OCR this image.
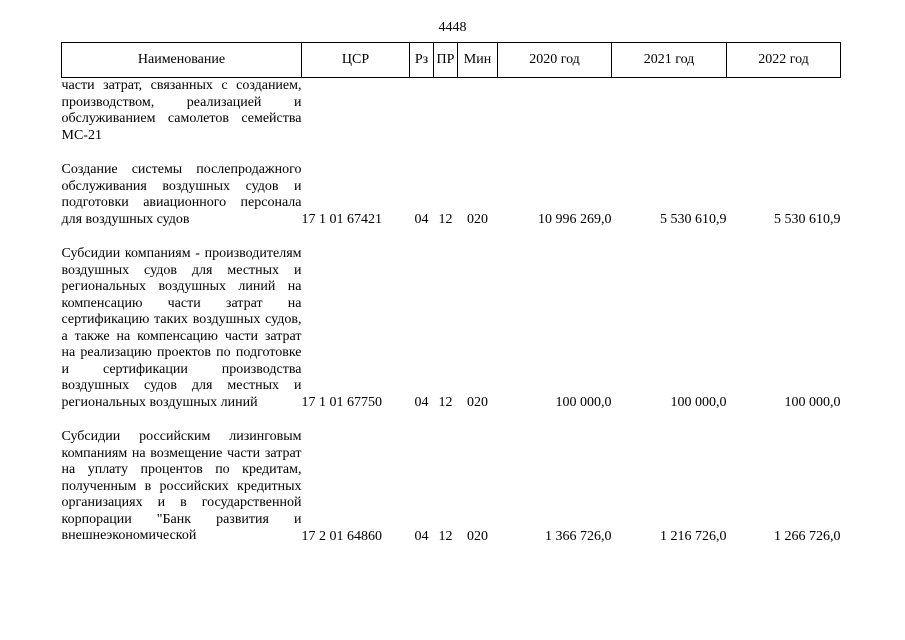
4448
Наименование	ЦСР	Рз	ПР	Мин	2020 год	2021 год	2022 год
части затрат, связанных с созданием, производством, реализацией и обслуживанием самолетов семейства МС-21							

Создание системы послепродажного обслуживания воздушных судов и подготовки авиационного персонала для воздушных судов	17 1 01 67421	04	12	020	10 996 269,0	5 530 610,9	5 530 610,9

Субсидии компаниям - производителям воздушных судов для местных и региональных воздушных линий на компенсацию части затрат на сертификацию таких воздушных судов, а также на компенсацию части затрат на реализацию проектов по подготовке и сертификации производства воздушных судов для местных и региональных воздушных линий	17 1 01 67750	04	12	020	100 000,0	100 000,0	100 000,0

Субсидии российским лизинговым компаниям на возмещение части затрат на уплату процентов по кредитам, полученным в российских кредитных организациях и в государственной корпорации "Банк развития и внешнеэкономической	17 2 01 64860	04	12	020	1 366 726,0	1 216 726,0	1 266 726,0
